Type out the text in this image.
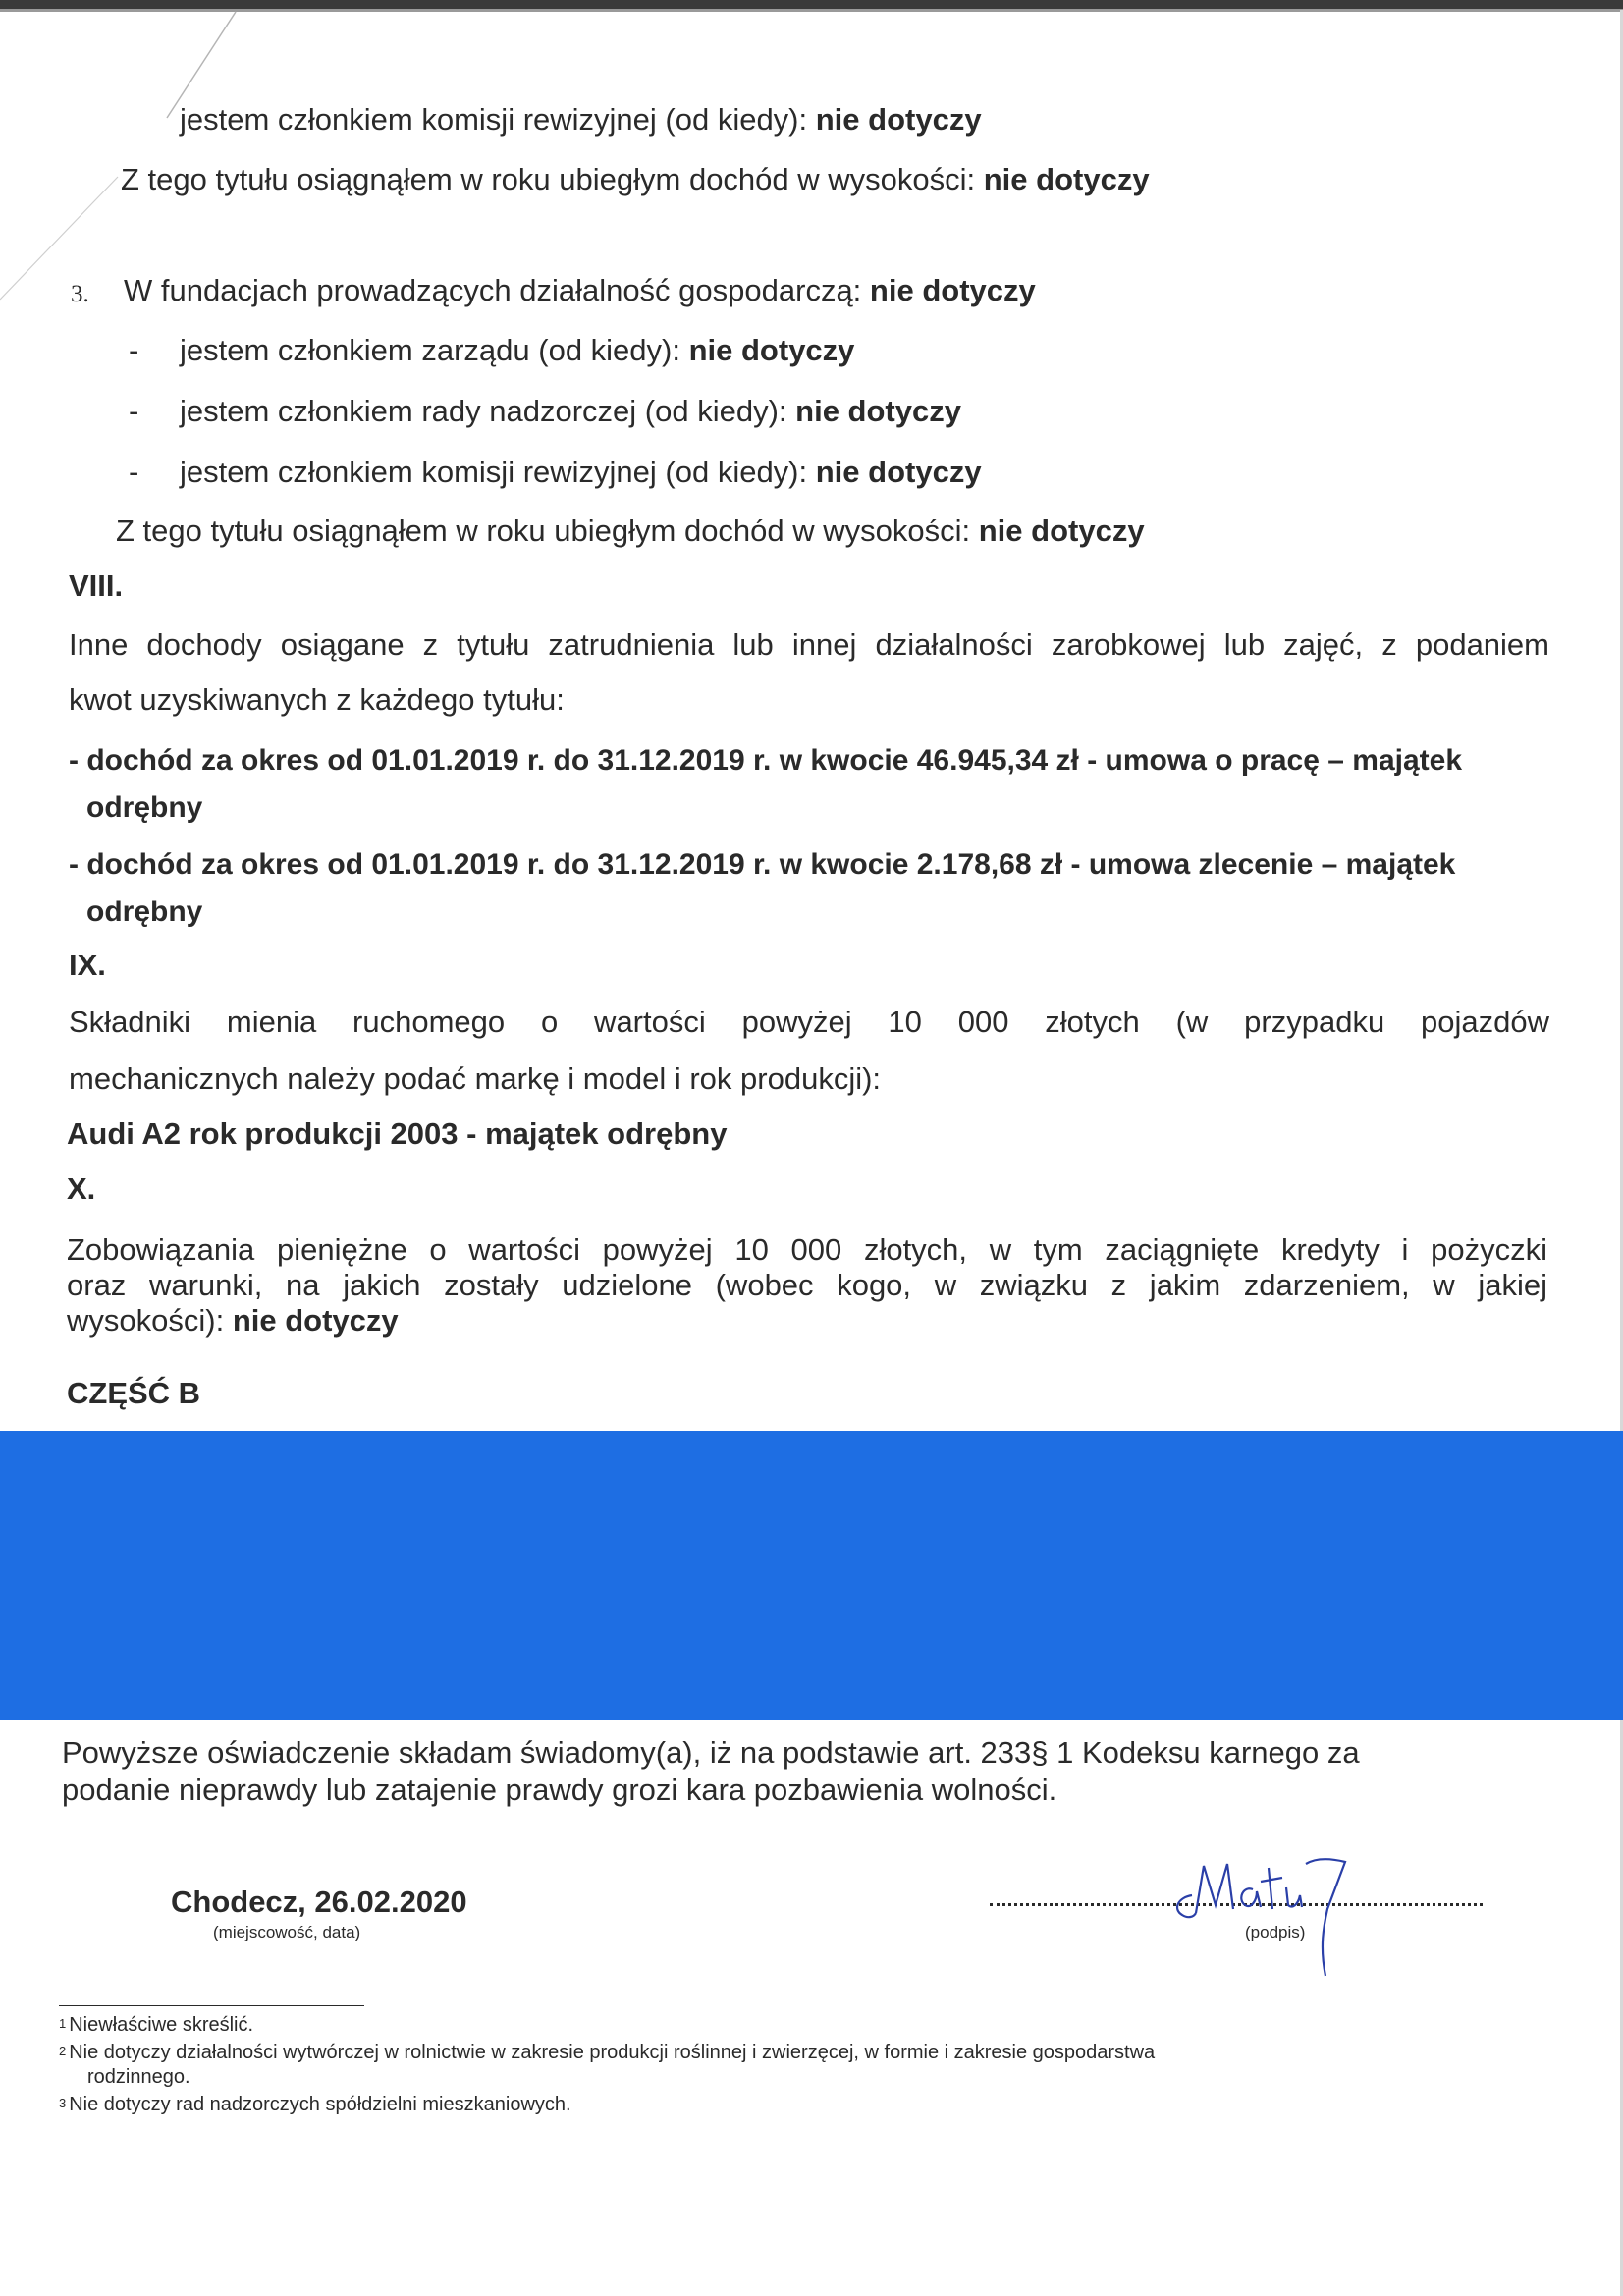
jestem członkiem komisji rewizyjnej (od kiedy): nie dotyczy
Z tego tytułu osiągnąłem w roku ubiegłym dochód w wysokości: nie dotyczy
3. W fundacjach prowadzących działalność gospodarczą: nie dotyczy
- jestem członkiem zarządu (od kiedy): nie dotyczy
- jestem członkiem rady nadzorczej (od kiedy): nie dotyczy
- jestem członkiem komisji rewizyjnej (od kiedy): nie dotyczy
Z tego tytułu osiągnąłem w roku ubiegłym dochód w wysokości: nie dotyczy
VIII.
Inne dochody osiągane z tytułu zatrudnienia lub innej działalności zarobkowej lub zajęć, z podaniem
kwot uzyskiwanych z każdego tytułu:
- dochód za okres od 01.01.2019 r. do 31.12.2019 r. w kwocie 46.945,34 zł - umowa o pracę – majątek
odrębny
- dochód za okres od 01.01.2019 r. do 31.12.2019 r. w kwocie 2.178,68 zł - umowa zlecenie – majątek
odrębny
IX.
Składniki mienia ruchomego o wartości powyżej 10 000 złotych (w przypadku pojazdów
mechanicznych należy podać markę i model i rok produkcji):
Audi A2 rok produkcji 2003 - majątek odrębny
X.
Zobowiązania pieniężne o wartości powyżej 10 000 złotych, w tym zaciągnięte kredyty i pożyczki
oraz warunki, na jakich zostały udzielone (wobec kogo, w związku z jakim zdarzeniem, w jakiej
wysokości): nie dotyczy
CZĘŚĆ B
Powyższe oświadczenie składam świadomy(a), iż na podstawie art. 233§ 1 Kodeksu karnego za
podanie nieprawdy lub zatajenie prawdy grozi kara pozbawienia wolności.
Chodecz, 26.02.2020
(miejscowość, data)	(podpis)
$^1$ Niewłaściwe skreślić.
$^2$ Nie dotyczy działalności wytwórczej w rolnictwie w zakresie produkcji roślinnej i zwierzęcej, w formie i zakresie gospodarstwa
rodzinnego.
$^3$ Nie dotyczy rad nadzorczych spółdzielni mieszkaniowych.
